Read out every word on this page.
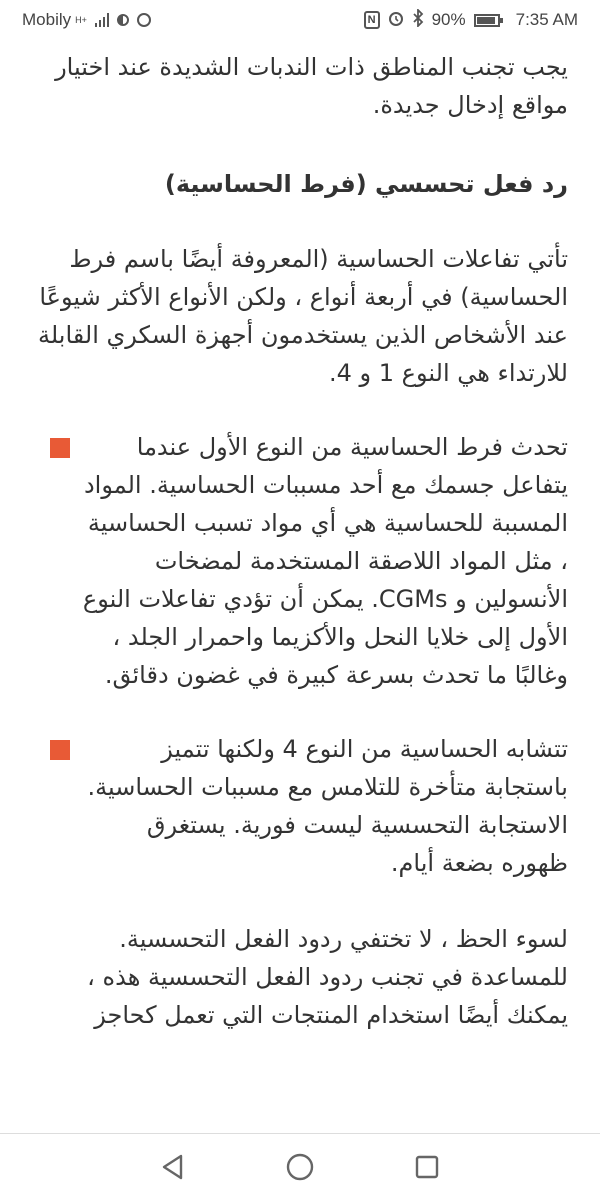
Mobily H+	N	90%	7:35 AM

يجب تجنب المناطق ذات الندبات الشديدة عند اختيار مواقع إدخال جديدة.

رد فعل تحسسي (فرط الحساسية)

تأتي تفاعلات الحساسية (المعروفة أيضًا باسم فرط الحساسية) في أربعة أنواع ، ولكن الأنواع الأكثر شيوعًا عند الأشخاص الذين يستخدمون أجهزة السكري القابلة للارتداء هي النوع 1 و 4.

تحدث فرط الحساسية من النوع الأول عندما يتفاعل جسمك مع أحد مسببات الحساسية. المواد المسببة للحساسية هي أي مواد تسبب الحساسية ، مثل المواد اللاصقة المستخدمة لمضخات الأنسولين و CGMs. يمكن أن تؤدي تفاعلات النوع الأول إلى خلايا النحل والأكزيما واحمرار الجلد ، وغالبًا ما تحدث بسرعة كبيرة في غضون دقائق.

تتشابه الحساسية من النوع 4 ولكنها تتميز باستجابة متأخرة للتلامس مع مسببات الحساسية. الاستجابة التحسسية ليست فورية. يستغرق ظهوره بضعة أيام.

لسوء الحظ ، لا تختفي ردود الفعل التحسسية. للمساعدة في تجنب ردود الفعل التحسسية هذه ، يمكنك أيضًا استخدام المنتجات التي تعمل كحاجز
